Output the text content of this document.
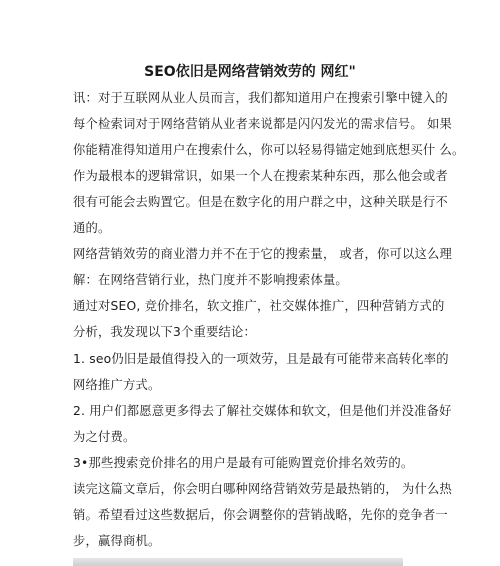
SEO依旧是网络营销效劳的 网红"
讯：对于互联网从业人员而言，我们都知道用户在搜索引擎中键入的
每个检索词对于网络营销从业者来说都是闪闪发光的需求信号。 如果
你能精准得知道用户在搜索什么，你可以轻易得锚定她到底想买什 么。
作为最根本的逻辑常识，如果一个人在搜索某种东西，那么他会或者
很有可能会去购置它。但是在数字化的用户群之中，这种关联是行不
通的。
网络营销效劳的商业潜力并不在于它的搜索量， 或者，你可以这么理
解：在网络营销行业，热门度并不影响搜索体量。
通过对SEO, 竞价排名，软文推广，社交媒体推广，四种营销方式的
分析，我发现以下3个重要结论：
1. seo仍旧是最值得投入的一项效劳，且是最有可能带来高转化率的
网络推广方式。
2. 用户们都愿意更多得去了解社交媒体和软文，但是他们并没准备好
为之付费。
3•那些搜索竞价排名的用户是最有可能购置竞价排名效劳的。
读完这篇文章后，你会明白哪种网络营销效劳是最热销的， 为什么热
销。希望看过这些数据后，你会调整你的营销战略，先你的竞争者一
步，赢得商机。
